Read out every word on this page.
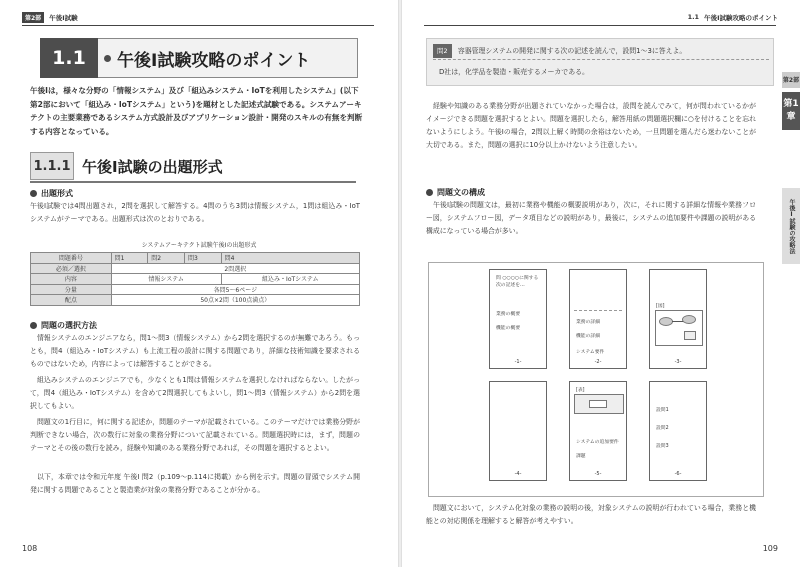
第2部	午後Ⅰ試験
1.1	午後Ⅰ試験攻略のポイント
午後Ⅰは，様々な分野の「情報システム」及び「組込みシステム・IoTを利用したシステム」(以下第2部において「組込み・IoTシステム」という)を題材とした記述式試験である。システムアーキテクトの主要業務であるシステム方式設計及びアプリケーション設計・開発のスキルの有無を判断する内容となっている。
1.1.1 午後Ⅰ試験の出題形式
出題形式
午後Ⅰ試験では4問出題され，2問を選択して解答する。4問のうち3問は情報システム，1問は組込み・IoTシステムがテーマである。出題形式は次のとおりである。
システムアーキテクト試験午後Ⅰの出題形式
問題番号	問1	問2	問3	問4
必須／選択	2問選択			
内容	情報システム			組込み・IoTシステム
分量	各問5～6ページ			
配点	50点×2問（100点満点）			
問題の選択方法
情報システムのエンジニアなら，問1～問3（情報システム）から2問を選択するのが無難であろう。もっとも，問4（組込み・IoTシステム）も上流工程の設計に関する問題であり，詳細な技術知識を要求されるものではないため，内容によっては解答することができる。
組込みシステムのエンジニアでも，少なくとも1問は情報システムを選択しなければならない。したがって，問4（組込み・IoTシステム）を含めて2問選択してもよいし，問1～問3（情報システム）から2問を選択してもよい。
問題文の1行目に，何に関する記述か，問題のテーマが記載されている。このテーマだけでは業務分野が判断できない場合，次の数行に対象の業務分野について記載されている。問題選択時には，まず，問題のテーマとその後の数行を読み，経験や知識のある業務分野であれば，その問題を選択するとよい。
以下，本章では令和元年度 午後Ⅰ 問2（p.109～p.114に掲載）から例を示す。問題の冒頭でシステム開発に関する問題であることと製造業が対象の業務分野であることが分かる。
108
1.1 午後Ⅰ試験攻略のポイント
問2 容器管理システムの開発に関する次の記述を読んで，設問1～3に答えよ。
D社は，化学品を製造・販売するメーカである。
経験や知識のある業務分野が出題されていなかった場合は，設問を読んでみて，何が問われているかがイメージできる問題を選択するとよい。問題を選択したら，解答用紙の問題選択欄に○を付けることを忘れないようにしよう。午後Ⅰの場合，2問以上解く時間の余裕はないため，一旦問題を選んだら迷わないことが大切である。また，問題の選択に10分以上かけないよう注意したい。
問題文の構成
午後Ⅰ試験の問題文は，最初に業務や機能の概要説明があり，次に，それに関する詳細な情報や業務フロー図，システムフロー図，データ項目などの説明があり，最後に，システムの追加要件や課題の説明がある構成になっている場合が多い。
問 ○○○○に関する次の記述を…
業務の概要
機能の概要
-1-
業務の詳細
機能の詳細
システム要件
-2-
[図]
-3-
-4-
[表]
システムの追加要件
課題
-5-
設問1
設問2
設問3
-6-
問題文において，システム化対象の業務の説明の後，対象システムの説明が行われている場合，業務と機能との対応関係を理解すると解答が考えやすい。
第2部
第1章
午後Ⅰ試験の攻略法
109
